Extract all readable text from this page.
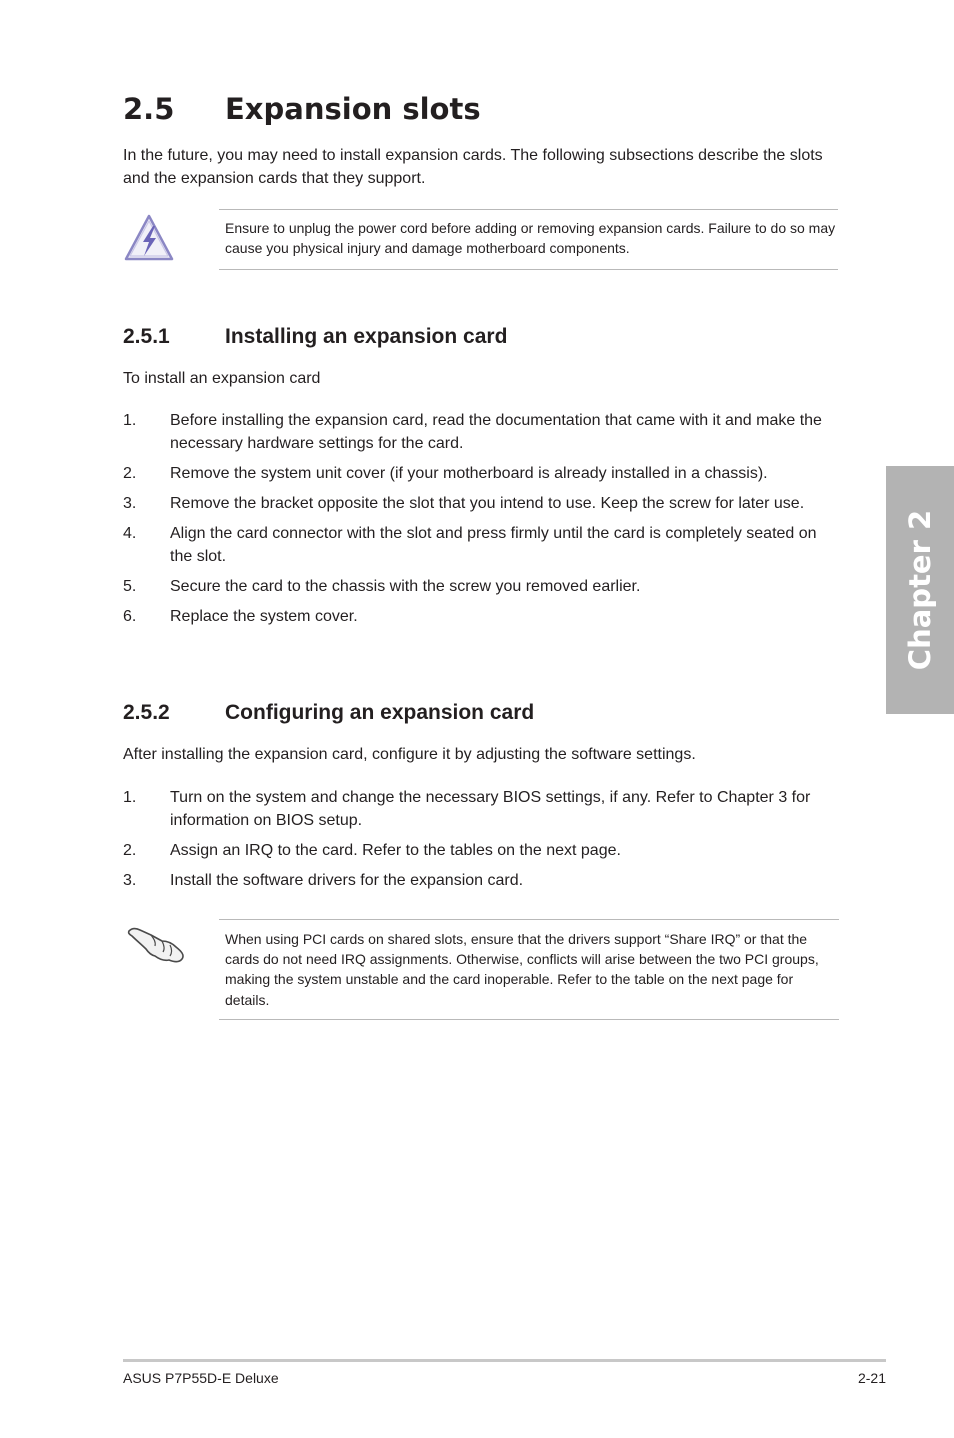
2.5 Expansion slots

In the future, you may need to install expansion cards. The following subsections describe the slots and the expansion cards that they support.

Ensure to unplug the power cord before adding or removing expansion cards. Failure to do so may cause you physical injury and damage motherboard components.

2.5.1	Installing an expansion card

To install an expansion card

1.	Before installing the expansion card, read the documentation that came with it and make the necessary hardware settings for the card.
2.	Remove the system unit cover (if your motherboard is already installed in a chassis).
3.	Remove the bracket opposite the slot that you intend to use. Keep the screw for later use.
4.	Align the card connector with the slot and press firmly until the card is completely seated on the slot.
5.	Secure the card to the chassis with the screw you removed earlier.
6.	Replace the system cover.
2.5.2	Configuring an expansion card

After installing the expansion card, configure it by adjusting the software settings.

1.	Turn on the system and change the necessary BIOS settings, if any. Refer to Chapter 3 for information on BIOS setup.
2.	Assign an IRQ to the card. Refer to the tables on the next page.
3.	Install the software drivers for the expansion card.

When using PCI cards on shared slots, ensure that the drivers support “Share IRQ” or that the cards do not need IRQ assignments. Otherwise, conflicts will arise between the two PCI groups, making the system unstable and the card inoperable. Refer to the table on the next page for details.

Chapter 2
ASUS P7P55D-E Deluxe	2-21
